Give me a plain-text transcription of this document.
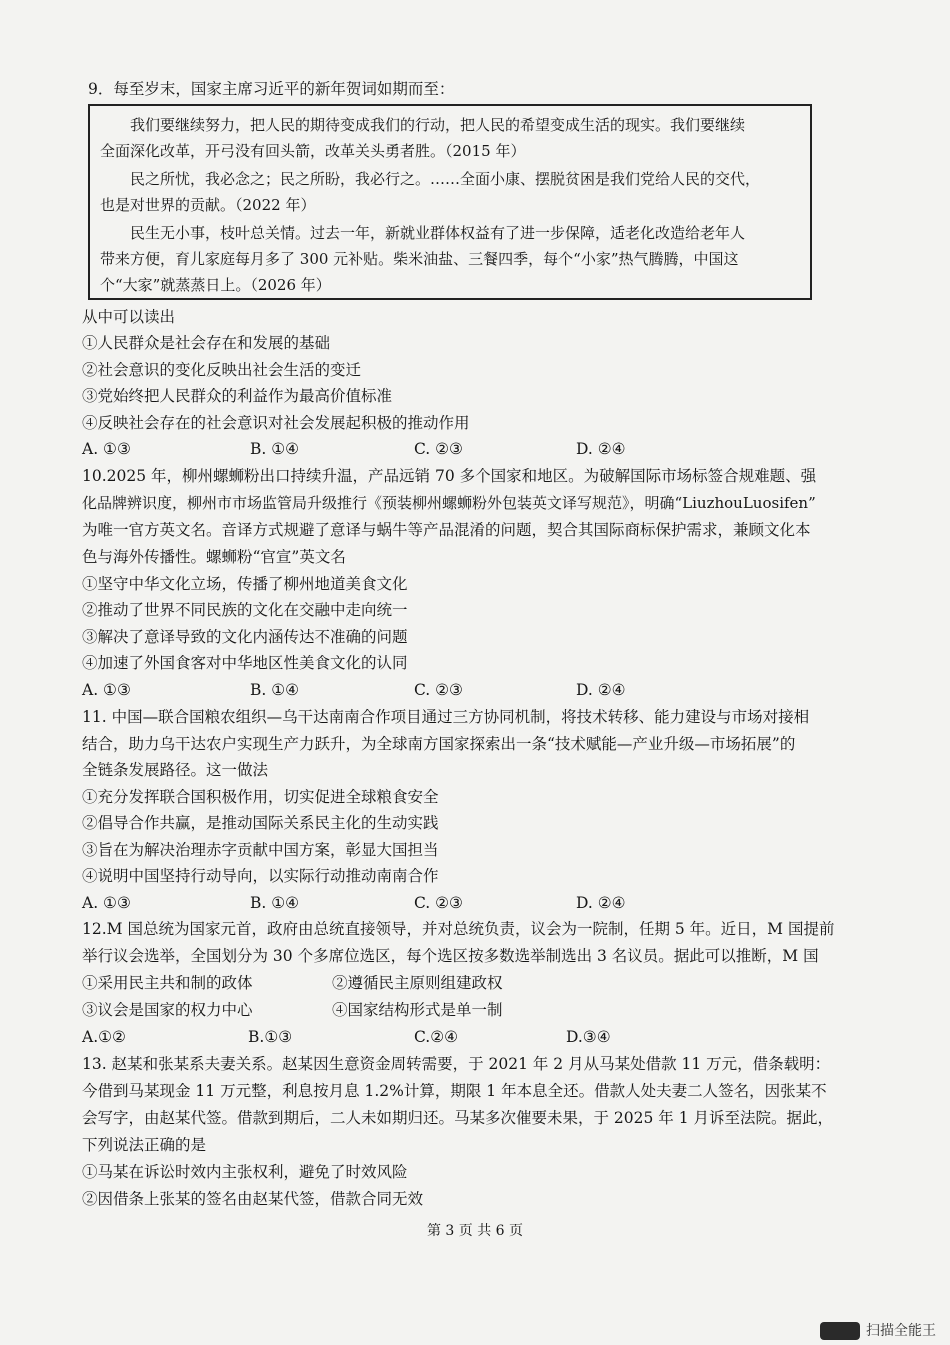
9．每至岁末，国家主席习近平的新年贺词如期而至：
我们要继续努力，把人民的期待变成我们的行动，把人民的希望变成生活的现实。我们要继续
全面深化改革，开弓没有回头箭，改革关头勇者胜。（2015 年）
民之所忧，我必念之；民之所盼，我必行之。……全面小康、摆脱贫困是我们党给人民的交代，
也是对世界的贡献。（2022 年）
民生无小事，枝叶总关情。过去一年，新就业群体权益有了进一步保障，适老化改造给老年人
带来方便，育儿家庭每月多了 300 元补贴。柴米油盐、三餐四季，每个“小家”热气腾腾，中国这
个“大家”就蒸蒸日上。（2026 年）
从中可以读出
①人民群众是社会存在和发展的基础
②社会意识的变化反映出社会生活的变迁
③党始终把人民群众的利益作为最高价值标准
④反映社会存在的社会意识对社会发展起积极的推动作用
A. ①③	B. ①④	C. ②③	D. ②④
10.2025 年，柳州螺蛳粉出口持续升温，产品远销 70 多个国家和地区。为破解国际市场标签合规难题、强
化品牌辨识度，柳州市市场监管局升级推行《预装柳州螺蛳粉外包装英文译写规范》，明确“LiuzhouLuosifen”
为唯一官方英文名。音译方式规避了意译与蜗牛等产品混淆的问题，契合其国际商标保护需求，兼顾文化本
色与海外传播性。螺蛳粉“官宣”英文名
①坚守中华文化立场，传播了柳州地道美食文化
②推动了世界不同民族的文化在交融中走向统一
③解决了意译导致的文化内涵传达不准确的问题
④加速了外国食客对中华地区性美食文化的认同
A. ①③	B. ①④	C. ②③	D. ②④
11. 中国—联合国粮农组织—乌干达南南合作项目通过三方协同机制，将技术转移、能力建设与市场对接相
结合，助力乌干达农户实现生产力跃升，为全球南方国家探索出一条“技术赋能—产业升级—市场拓展”的
全链条发展路径。这一做法
①充分发挥联合国积极作用，切实促进全球粮食安全
②倡导合作共赢，是推动国际关系民主化的生动实践
③旨在为解决治理赤字贡献中国方案，彰显大国担当
④说明中国坚持行动导向，以实际行动推动南南合作
A. ①③	B. ①④	C. ②③	D. ②④
12.M 国总统为国家元首，政府由总统直接领导，并对总统负责，议会为一院制，任期 5 年。近日，M 国提前
举行议会选举，全国划分为 30 个多席位选区，每个选区按多数选举制选出 3 名议员。据此可以推断，M 国
①采用民主共和制的政体	②遵循民主原则组建政权
③议会是国家的权力中心	④国家结构形式是单一制
A.①②	B.①③	C.②④	D.③④
13. 赵某和张某系夫妻关系。赵某因生意资金周转需要，于 2021 年 2 月从马某处借款 11 万元，借条载明：
今借到马某现金 11 万元整，利息按月息 1.2%计算，期限 1 年本息全还。借款人处夫妻二人签名，因张某不
会写字，由赵某代签。借款到期后，二人未如期归还。马某多次催要未果，于 2025 年 1 月诉至法院。据此，
下列说法正确的是
①马某在诉讼时效内主张权利，避免了时效风险
②因借条上张某的签名由赵某代签，借款合同无效
第 3 页 共 6 页
扫描全能王
